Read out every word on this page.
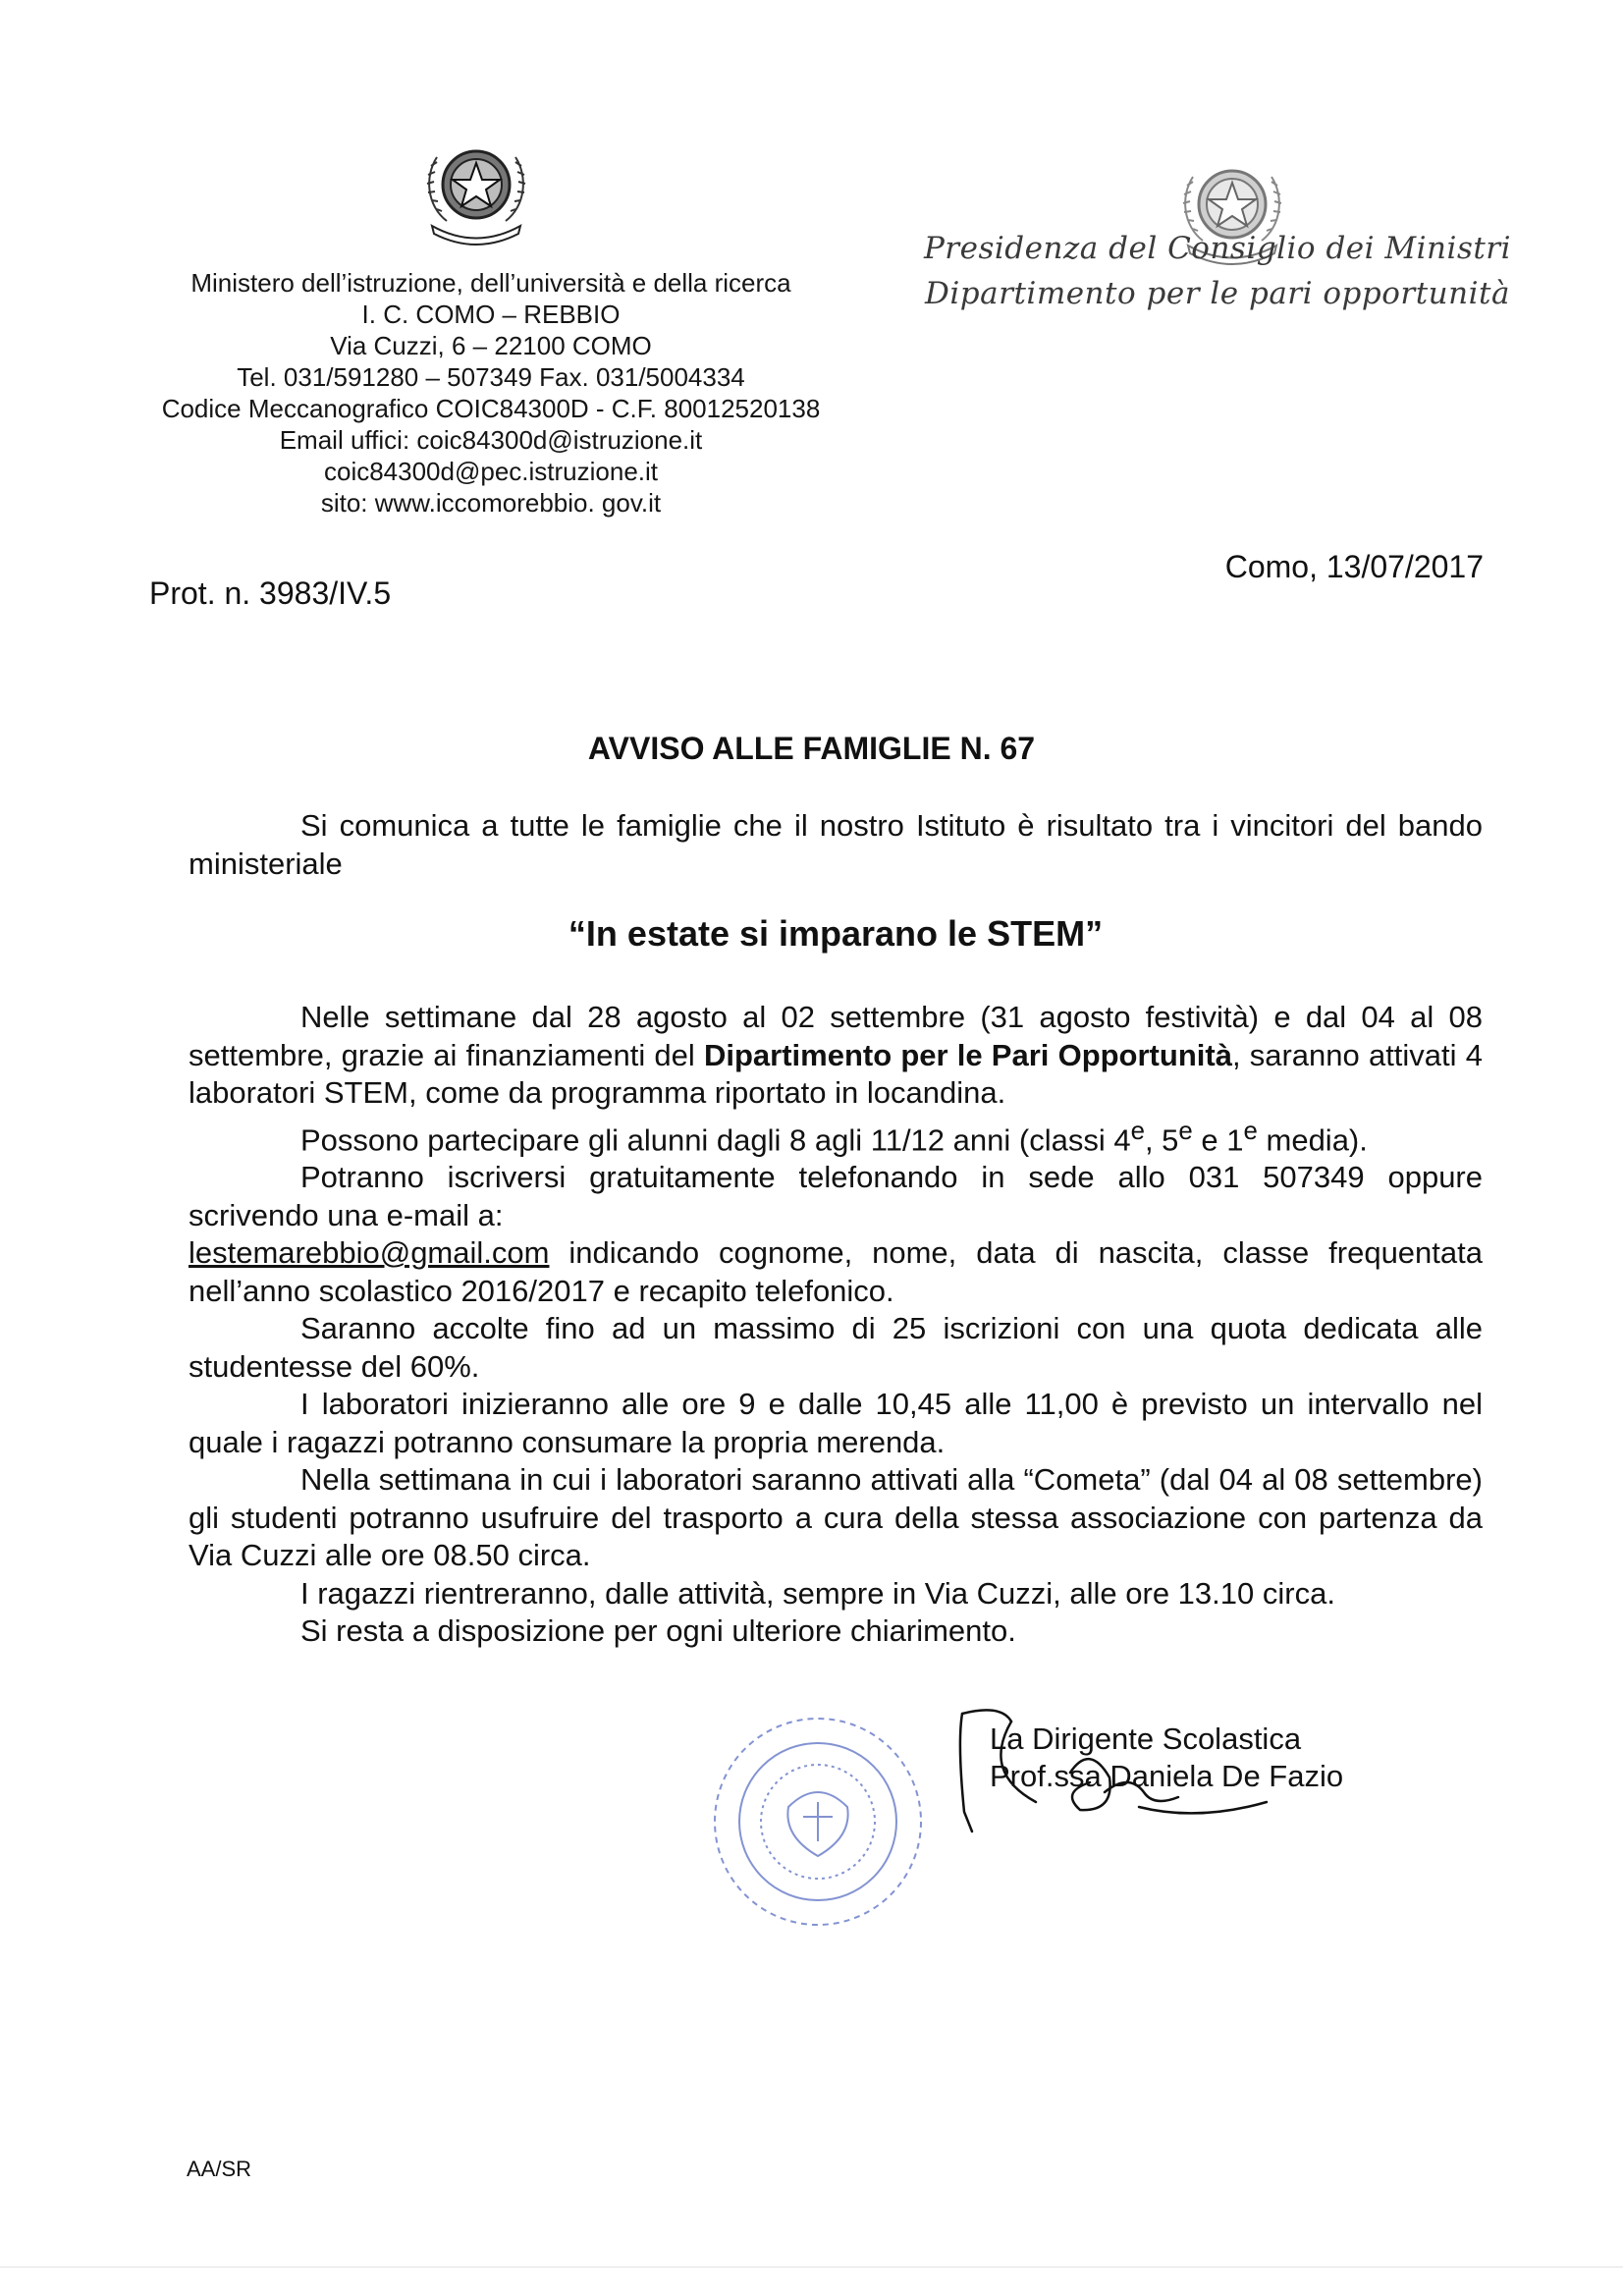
Ministero dell’istruzione, dell’università e della ricerca
I. C. COMO – REBBIO
Via Cuzzi, 6 – 22100 COMO
Tel. 031/591280 – 507349 Fax. 031/5004334
Codice Meccanografico COIC84300D - C.F. 80012520138
Email uffici: coic84300d@istruzione.it
coic84300d@pec.istruzione.it
sito: www.iccomorebbio. gov.it
Presidenza del Consiglio dei Ministri
Dipartimento per le pari opportunità
Prot. n. 3983/IV.5
Como, 13/07/2017
AVVISO ALLE FAMIGLIE N. 67

Si comunica a tutte le famiglie che il nostro Istituto è risultato tra i vincitori del bando ministeriale

“In estate si imparano le STEM”

Nelle settimane dal 28 agosto al 02 settembre (31 agosto festività) e dal 04 al 08 settembre, grazie ai finanziamenti del Dipartimento per le Pari Opportunità, saranno attivati 4 laboratori STEM, come da programma riportato in locandina.

Possono partecipare gli alunni dagli 8 agli 11/12 anni (classi 4e, 5e e 1e media).

Potranno iscriversi gratuitamente telefonando in sede allo 031 507349 oppure scrivendo una e-mail a:

lestemarebbio@gmail.com indicando cognome, nome, data di nascita, classe frequentata nell’anno scolastico 2016/2017 e recapito telefonico.

Saranno accolte fino ad un massimo di 25 iscrizioni con una quota dedicata alle studentesse del 60%.

I laboratori inizieranno alle ore 9 e dalle 10,45 alle 11,00 è previsto un intervallo nel quale i ragazzi potranno consumare la propria merenda.

Nella settimana in cui i laboratori saranno attivati alla “Cometa” (dal 04 al 08 settembre) gli studenti potranno usufruire del trasporto a cura della stessa associazione con partenza da Via Cuzzi alle ore 08.50 circa.

I ragazzi rientreranno, dalle attività, sempre in Via Cuzzi, alle ore 13.10 circa.

Si resta a disposizione per ogni ulteriore chiarimento.

La Dirigente Scolastica
Prof.ssa Daniela De Fazio
AA/SR
